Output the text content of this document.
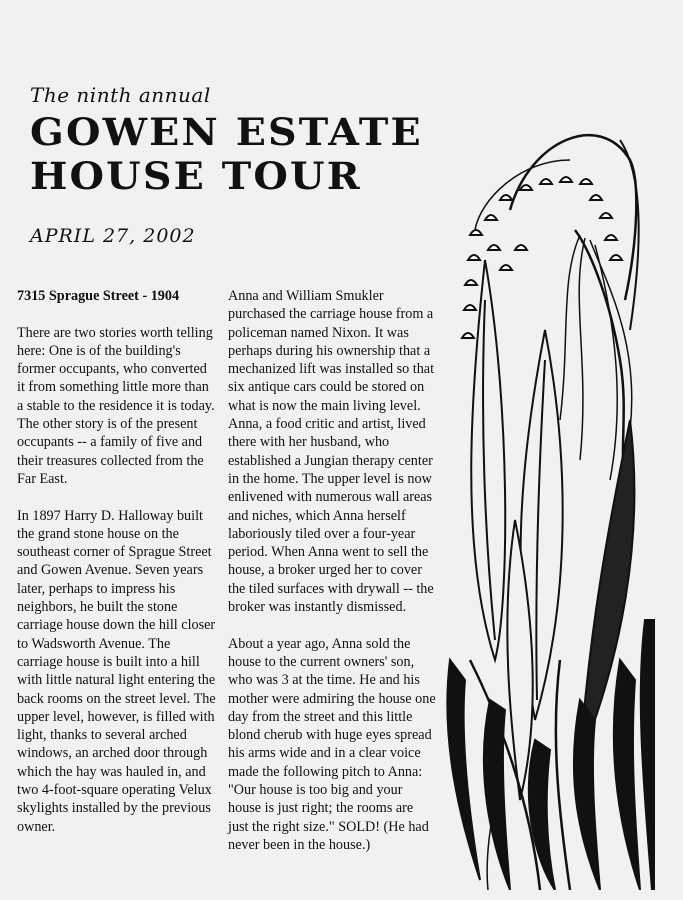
The ninth annual
GOWEN ESTATE
HOUSE TOUR
APRIL 27, 2002

7315 Sprague Street - 1904

There are two stories worth telling here: One is of the building's former occupants, who converted it from something little more than a stable to the residence it is today. The other story is of the present occupants -- a family of five and their treasures collected from the Far East.

In 1897 Harry D. Halloway built the grand stone house on the southeast corner of Sprague Street and Gowen Avenue. Seven years later, perhaps to impress his neighbors, he built the stone carriage house down the hill closer to Wadsworth Avenue. The carriage house is built into a hill with little natural light entering the back rooms on the street level. The upper level, however, is filled with light, thanks to several arched windows, an arched door through which the hay was hauled in, and two 4-foot-square operating Velux skylights installed by the previous owner.

Anna and William Smukler purchased the carriage house from a policeman named Nixon. It was perhaps during his ownership that a mechanized lift was installed so that six antique cars could be stored on what is now the main living level. Anna, a food critic and artist, lived there with her husband, who established a Jungian therapy center in the home. The upper level is now enlivened with numerous wall areas and niches, which Anna herself laboriously tiled over a four-year period. When Anna went to sell the house, a broker urged her to cover the tiled surfaces with drywall -- the broker was instantly dismissed.

About a year ago, Anna sold the house to the current owners' son, who was 3 at the time. He and his mother were admiring the house one day from the street and this little blond cherub with huge eyes spread his arms wide and in a clear voice made the following pitch to Anna: "Our house is too big and your house is just right; the rooms are just the right size." SOLD! (He had never been in the house.)
